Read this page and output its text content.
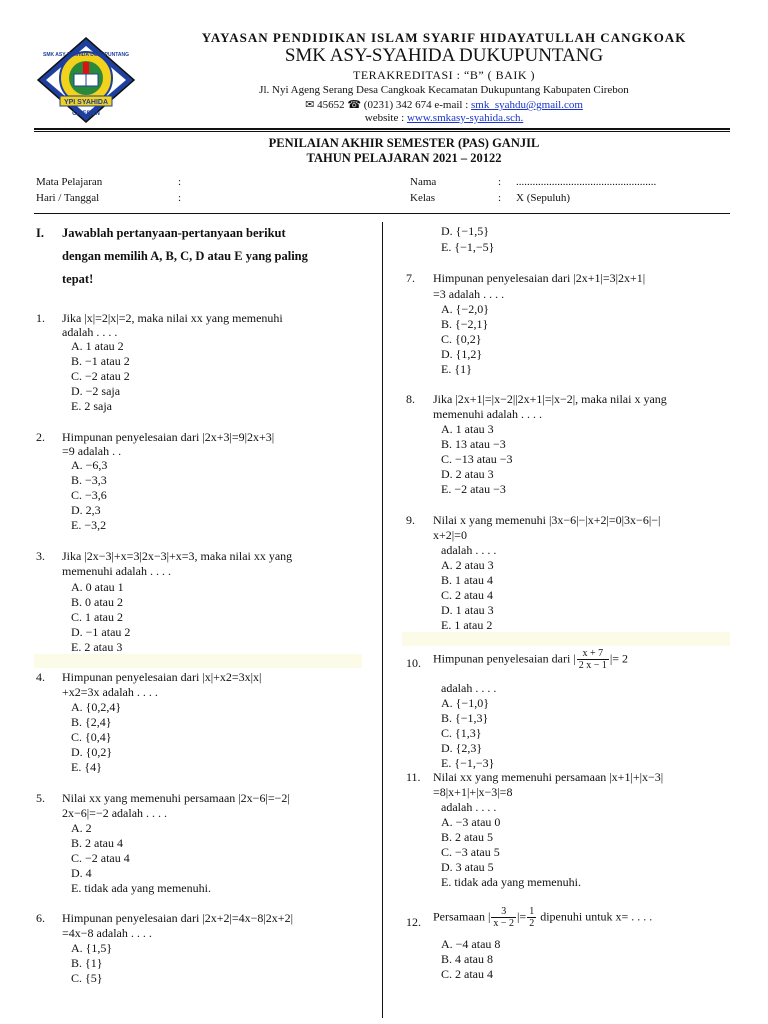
YPI SYAHIDA
CIREBON
SMK ASY-SYAHIDA DUKUPUNTANG
YAYASAN PENDIDIKAN ISLAM SYARIF HIDAYATULLAH CANGKOAK
SMK ASY-SYAHIDA DUKUPUNTANG
TERAKREDITASI : “B” ( BAIK )
Jl. Nyi Ageng Serang Desa Cangkoak Kecamatan Dukupuntang Kabupaten Cirebon
✉ 45652 ☎ (0231) 342 674 e-mail : smk_syahdu@gmail.com
website : www.smkasy-syahida.sch.
PENILAIAN AKHIR SEMESTER (PAS) GANJIL
TAHUN PELAJARAN 2021 – 20122
Mata Pelajaran	:
Hari / Tanggal	:
Nama	: ...................................................
Kelas	: X (Sepuluh)
I. Jawablah pertanyaan-pertanyaan berikut
dengan memilih A, B, C, D atau E yang paling
tepat!
1. Jika |x|=2|x|=2, maka nilai xx yang memenuhi
adalah . . . .
A. 1 atau 2
B. −1 atau 2
C. −2 atau 2
D. −2 saja
E. 2 saja
2. Himpunan penyelesaian dari |2x+3|=9|2x+3|
=9 adalah . .
A. −6,3
B. −3,3
C. −3,6
D. 2,3
E. −3,2
3. Jika |2x−3|+x=3|2x−3|+x=3, maka nilai xx yang
memenuhi adalah . . . .
A. 0 atau 1
B. 0 atau 2
C. 1 atau 2
D. −1 atau 2
E. 2 atau 3
4. Himpunan penyelesaian dari |x|+x2=3x|x|
+x2=3x adalah . . . .
A. {0,2,4}
B. {2,4}
C. {0,4}
D. {0,2}
E. {4}
5. Nilai xx yang memenuhi persamaan |2x−6|=−2|
2x−6|=−2 adalah . . . .
A. 2
B. 2 atau 4
C. −2 atau 4
D. 4
E. tidak ada yang memenuhi.
6. Himpunan penyelesaian dari |2x+2|=4x−8|2x+2|
=4x−8 adalah . . . .
A. {1,5}
B. {1}
C. {5}
D. {−1,5}
E. {−1,−5}
7. Himpunan penyelesaian dari |2x+1|=3|2x+1|
=3 adalah . . . .
A. {−2,0}
B. {−2,1}
C. {0,2}
D. {1,2}
E. {1}
8. Jika |2x+1|=|x−2||2x+1|=|x−2|, maka nilai x yang
memenuhi adalah . . . .
A. 1 atau 3
B. 13 atau −3
C. −13 atau −3
D. 2 atau 3
E. −2 atau −3
9. Nilai x yang memenuhi |3x−6|−|x+2|=0|3x−6|−|
x+2|=0
adalah . . . .
A. 2 atau 3
B. 1 atau 4
C. 2 atau 4
D. 1 atau 3
E. 1 atau 2
10. Himpunan penyelesaian dari | $\frac{x + 7}{2 x - 1}$ |= 2
adalah . . . .
A. {−1,0}
B. {−1,3}
C. {1,3}
D. {2,3}
E. {−1,−3}
11. Nilai xx yang memenuhi persamaan |x+1|+|x−3|
=8|x+1|+|x−3|=8
adalah . . . .
A. −3 atau 0
B. 2 atau 5
C. −3 atau 5
D. 3 atau 5
E. tidak ada yang memenuhi.
12. Persamaan | $\frac{3}{x - 2}$ |= $\frac{1}{2}$ dipenuhi untuk x= . . . .
A. −4 atau 8
B. 4 atau 8
C. 2 atau 4
